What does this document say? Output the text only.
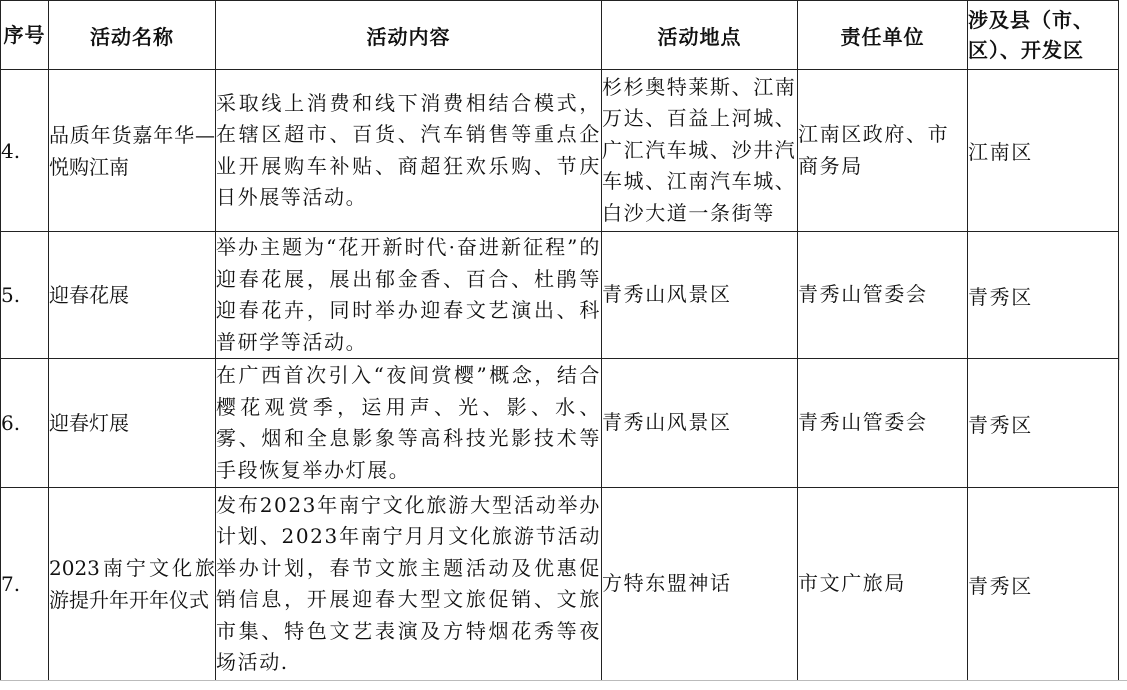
序号	活动名称	活动内容	活动地点	责任单位	涉及县（市、区）、开发区
4.	品质年货嘉年华—悦购江南	采取线上消费和线下消费相结合模式，在辖区超市、百货、汽车销售等重点企业开展购车补贴、商超狂欢乐购、节庆日外展等活动。	杉杉奥特莱斯、江南万达、百益上河城、广汇汽车城、沙井汽车城、江南汽车城、白沙大道一条街等	江南区政府、市商务局	江南区
5.	迎春花展	举办主题为“花开新时代·奋进新征程”的迎春花展，展出郁金香、百合、杜鹃等迎春花卉，同时举办迎春文艺演出、科普研学等活动。	青秀山风景区	青秀山管委会	青秀区
6.	迎春灯展	在广西首次引入“夜间赏樱”概念，结合樱花观赏季，运用声、光、影、水、雾、烟和全息影象等高科技光影技术等手段恢复举办灯展。	青秀山风景区	青秀山管委会	青秀区
7.	2023南宁文化旅游提升年开年仪式	发布2023年南宁文化旅游大型活动举办计划、2023年南宁月月文化旅游节活动举办计划，春节文旅主题活动及优惠促销信息，开展迎春大型文旅促销、文旅市集、特色文艺表演及方特烟花秀等夜场活动.	方特东盟神话	市文广旅局	青秀区
